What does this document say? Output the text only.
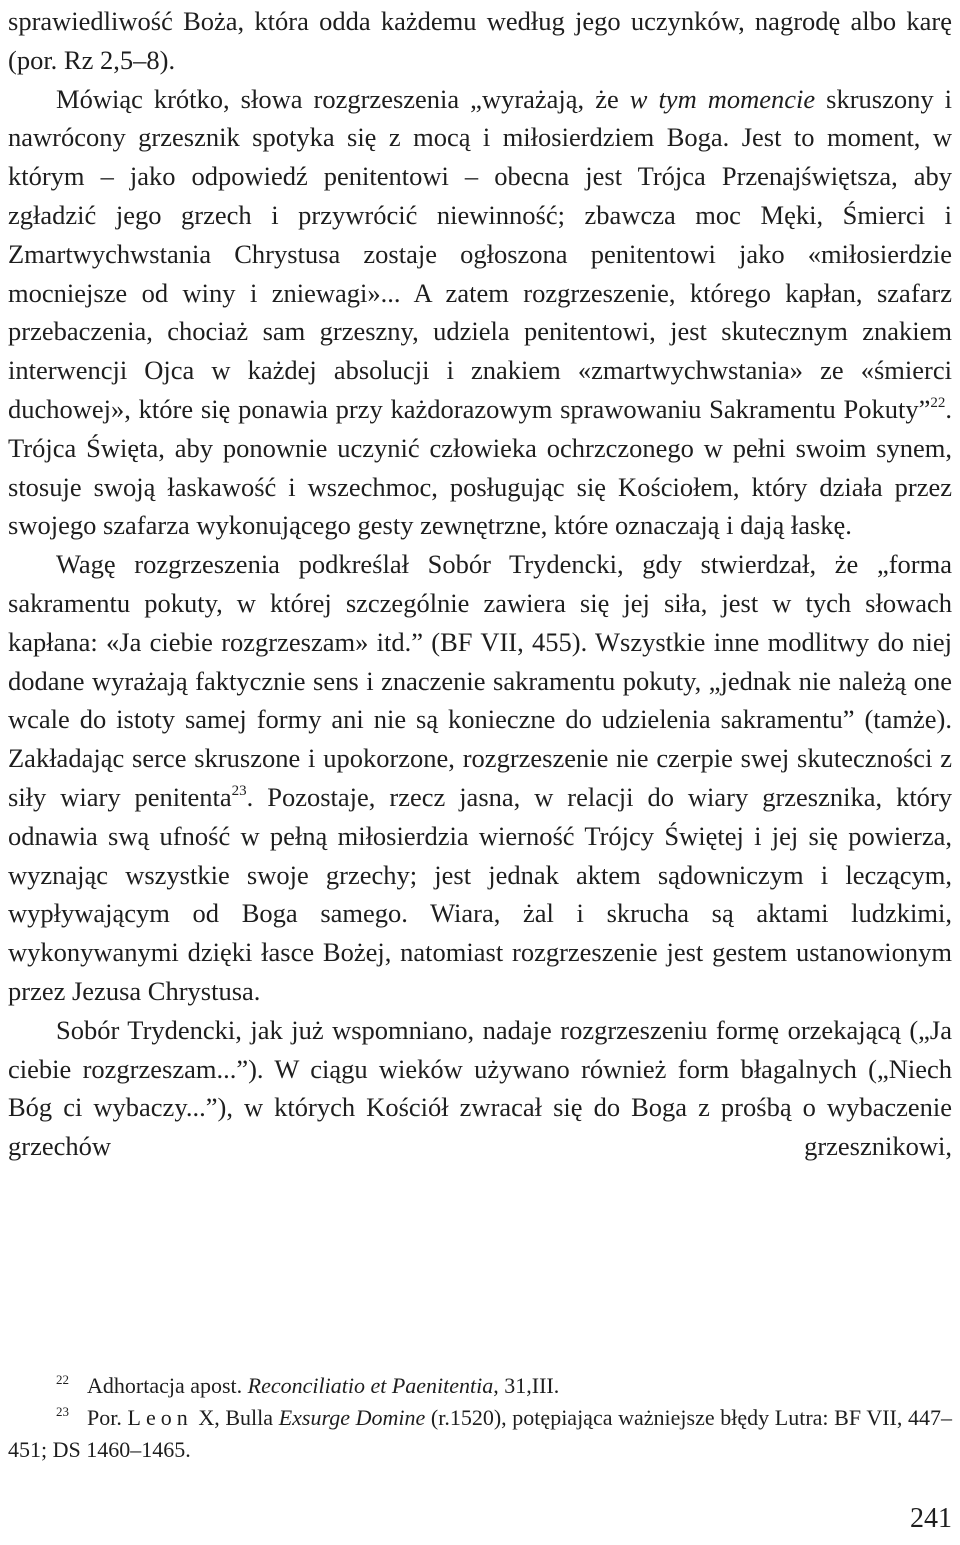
sprawiedliwość Boża, która odda każdemu według jego uczynków, nagrodę albo karę (por. Rz 2,5–8).

Mówiąc krótko, słowa rozgrzeszenia „wyrażają, że w tym momencie skruszony i nawrócony grzesznik spotyka się z mocą i miłosierdziem Boga. Jest to moment, w którym – jako odpowiedź penitentowi – obecna jest Trójca Przenajświętsza, aby zgładzić jego grzech i przywrócić niewinność; zbawcza moc Męki, Śmierci i Zmartwychwstania Chrystusa zostaje ogłoszona penitentowi jako «miłosierdzie mocniejsze od winy i zniewagi»... A zatem rozgrzeszenie, którego kapłan, szafarz przebaczenia, chociaż sam grzeszny, udziela penitentowi, jest skutecznym znakiem interwencji Ojca w każdej absolucji i znakiem «zmartwychwstania» ze «śmierci duchowej», które się ponawia przy każdorazowym sprawowaniu Sakramentu Pokuty”$^{22}$. Trójca Święta, aby ponownie uczynić człowieka ochrzczonego w pełni swoim synem, stosuje swoją łaskawość i wszechmoc, posługując się Kościołem, który działa przez swojego szafarza wykonującego gesty zewnętrzne, które oznaczają i dają łaskę.

Wagę rozgrzeszenia podkreślał Sobór Trydencki, gdy stwierdzał, że „forma sakramentu pokuty, w której szczególnie zawiera się jej siła, jest w tych słowach kapłana: «Ja ciebie rozgrzeszam» itd.” (BF VII, 455). Wszystkie inne modlitwy do niej dodane wyrażają faktycznie sens i znaczenie sakramentu pokuty, „jednak nie należą one wcale do istoty samej formy ani nie są konieczne do udzielenia sakramentu” (tamże). Zakładając serce skruszone i upokorzone, rozgrzeszenie nie czerpie swej skuteczności z siły wiary penitenta$^{23}$. Pozostaje, rzecz jasna, w relacji do wiary grzesznika, który odnawia swą ufność w pełną miłosierdzia wierność Trójcy Świętej i jej się powierza, wyznając wszystkie swoje grzechy; jest jednak aktem sądowniczym i leczącym, wypływającym od Boga samego. Wiara, żal i skrucha są aktami ludzkimi, wykonywanymi dzięki łasce Bożej, natomiast rozgrzeszenie jest gestem ustanowionym przez Jezusa Chrystusa.

Sobór Trydencki, jak już wspomniano, nadaje rozgrzeszeniu formę orzekającą („Ja ciebie rozgrzeszam...”). W ciągu wieków używano również form błagalnych („Niech Bóg ci wybaczy...”), w których Kościół zwracał się do Boga z prośbą o wybaczenie grzechów grzesznikowi,

$^{22}$ Adhortacja apost. Reconciliatio et Paenitentia, 31,III.

$^{23}$ Por. Leon X, Bulla Exsurge Domine (r.1520), potępiająca ważniejsze błędy Lutra: BF VII, 447–451; DS 1460–1465.

241
